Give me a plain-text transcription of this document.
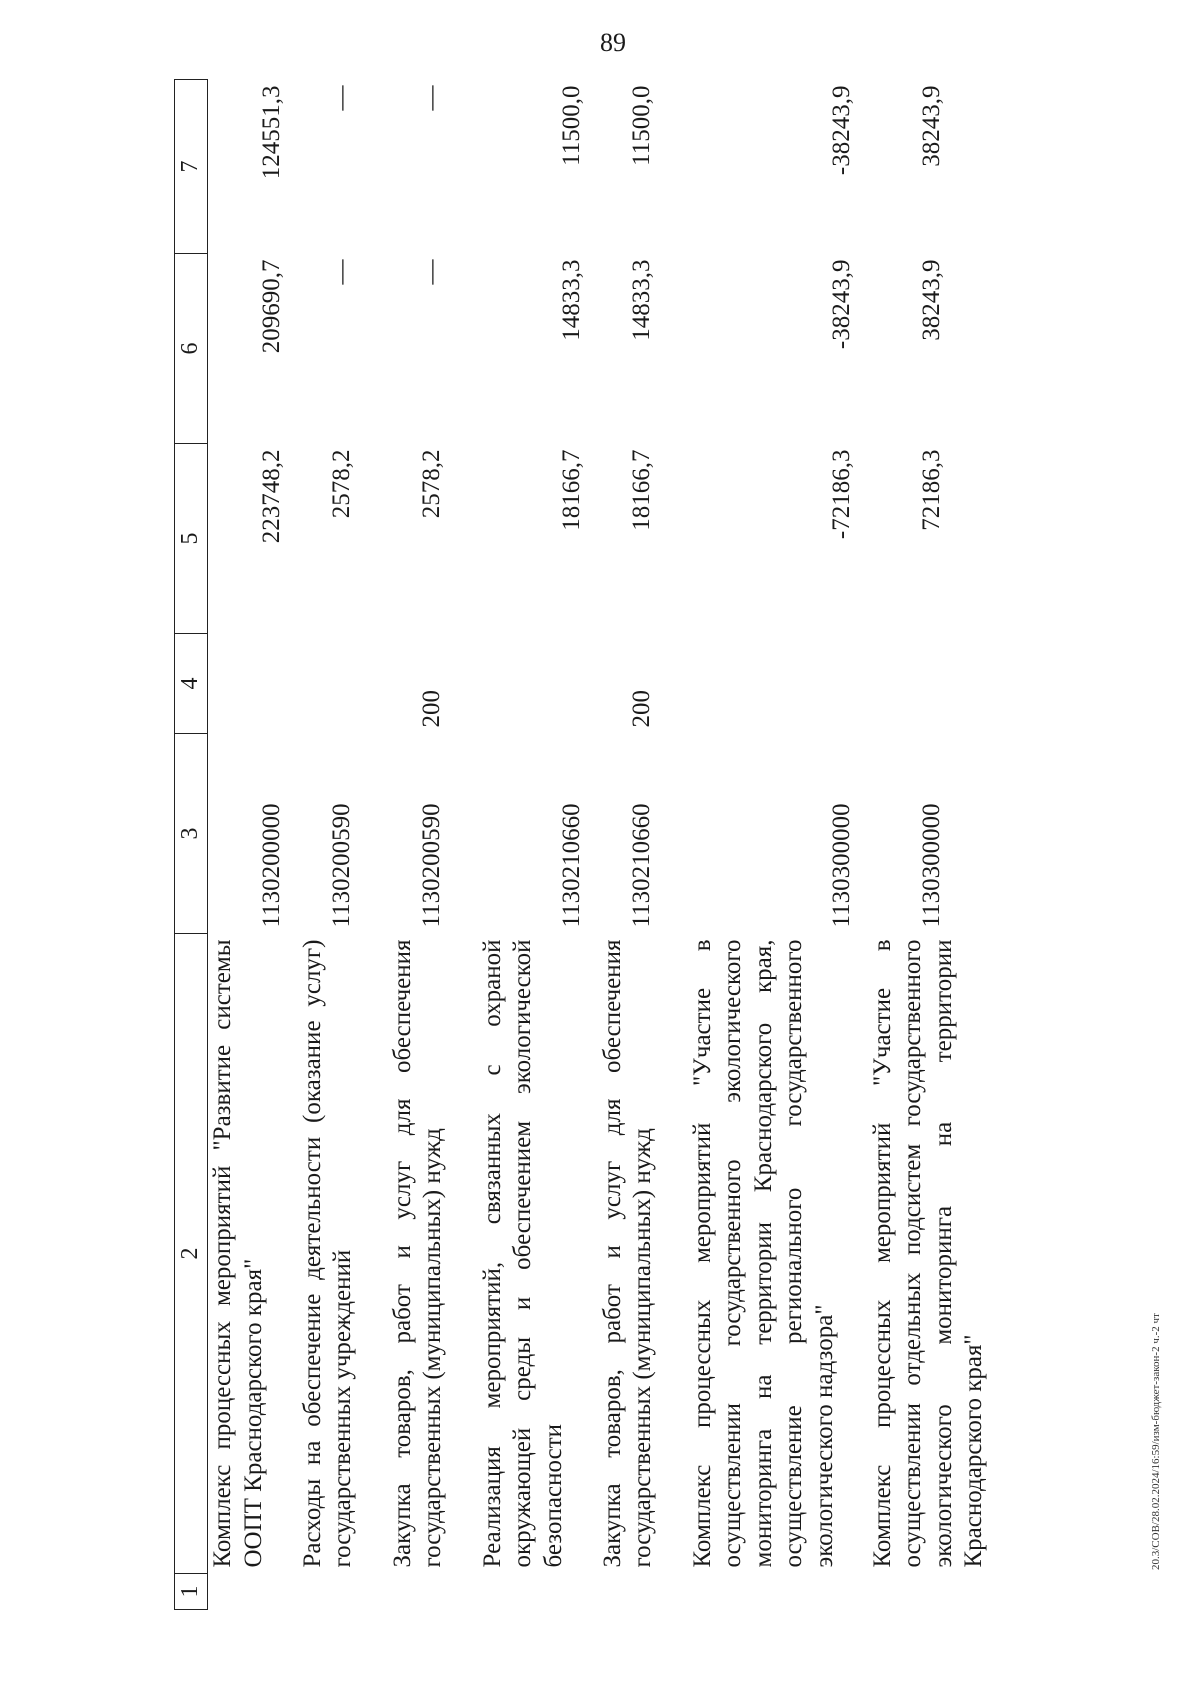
89
1	2	3	4	5	6	7
	Комплекс процессных мероприятий "Развитие системы ООПТ Краснодарского края"	1130200000		223748,2	209690,7	124551,3
	Расходы на обеспечение деятельности (оказание услуг) государственных учреждений	1130200590		2578,2	—	—
	Закупка товаров, работ и услуг для обеспечения государственных (муниципальных) нужд	1130200590	200	2578,2	—	—
	Реализация мероприятий, связанных с охраной окружающей среды и обеспечением экологической безопасности	1130210660		18166,7	14833,3	11500,0
	Закупка товаров, работ и услуг для обеспечения государственных (муниципальных) нужд	1130210660	200	18166,7	14833,3	11500,0
	Комплекс процессных мероприятий "Участие в осуществлении государственного экологического мониторинга на территории Краснодарского края, осуществление регионального государственного экологического надзора"	1130300000		-72186,3	-38243,9	-38243,9
	Комплекс процессных мероприятий "Участие в осуществлении отдельных подсистем государственного экологического мониторинга на территории Краснодарского края"	1130300000		72186,3	38243,9	38243,9
20.3/СОВ/28.02.2024/16:59/изм-бюджет-закон-2 ч.-2 чт
